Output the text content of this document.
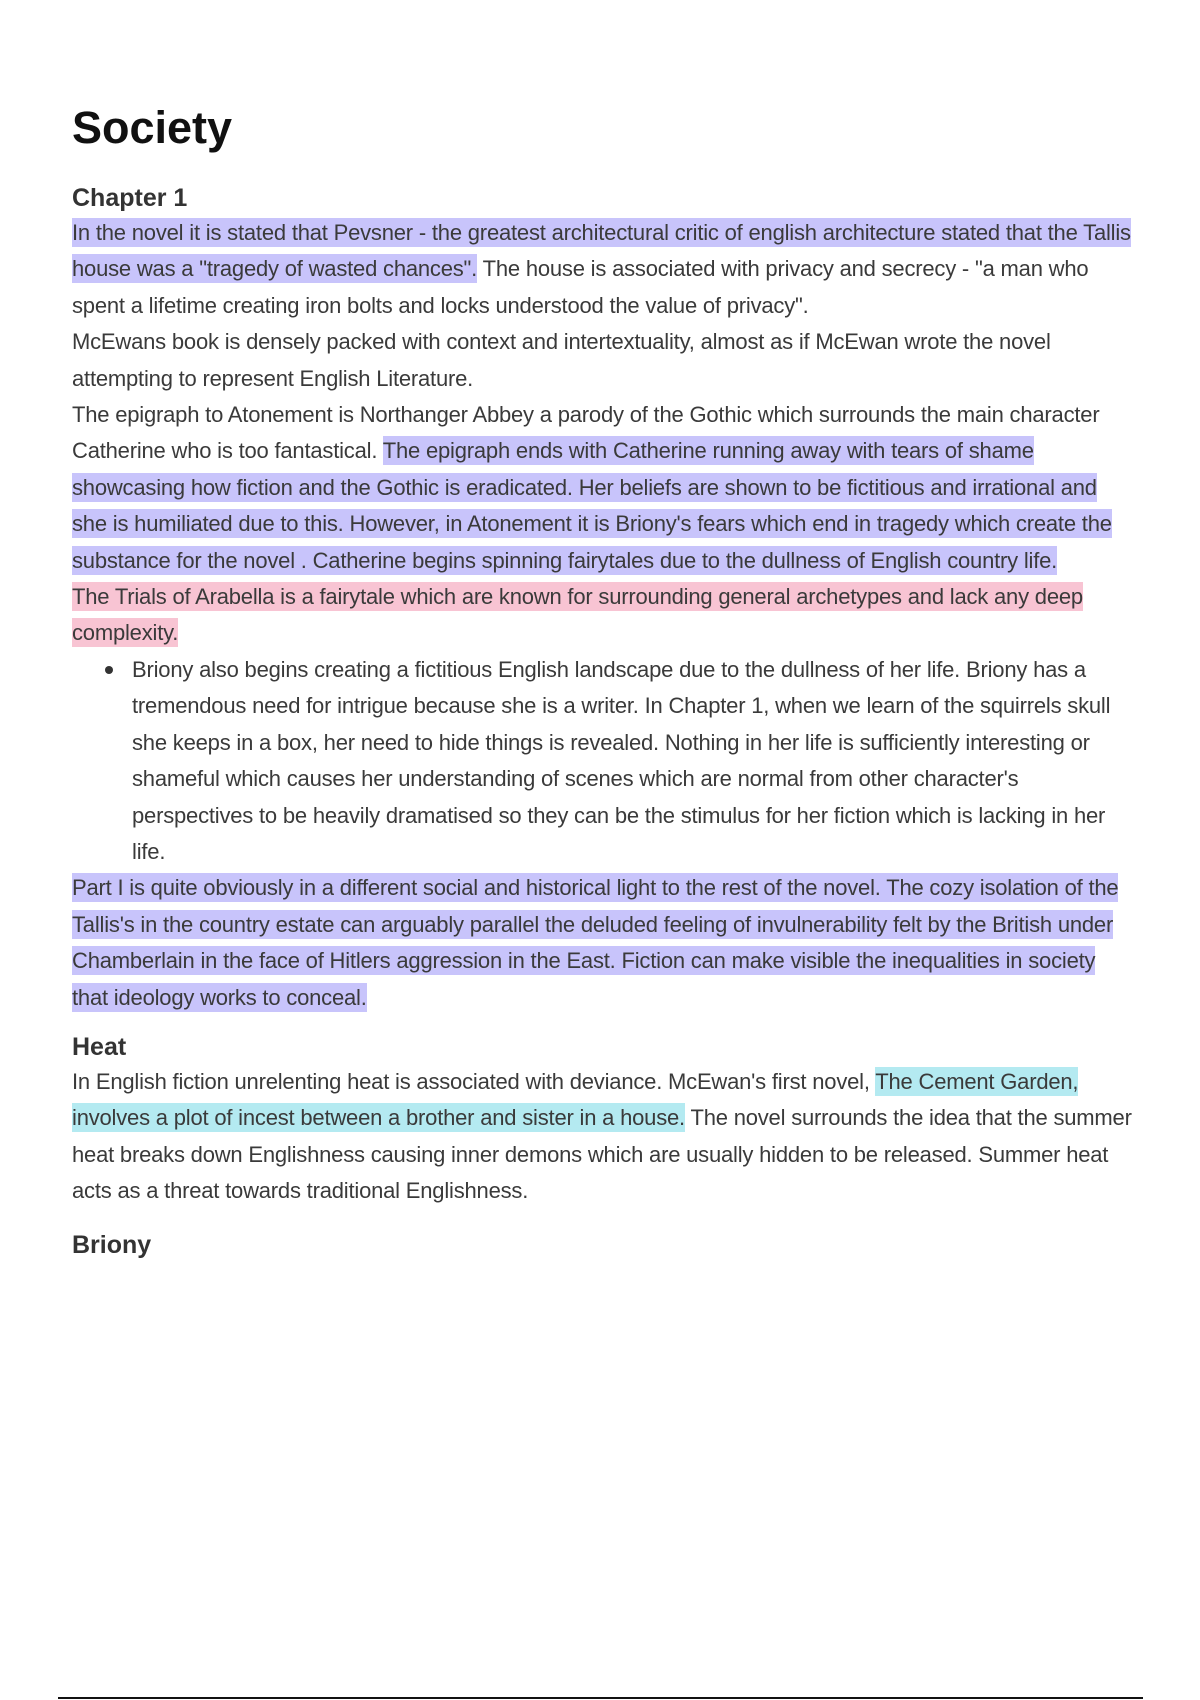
Society
Chapter 1

In the novel it is stated that Pevsner - the greatest architectural critic of english architecture stated that the Tallis house was a "tragedy of wasted chances". The house is associated with privacy and secrecy - "a man who spent a lifetime creating iron bolts and locks understood the value of privacy".

McEwans book is densely packed with context and intertextuality, almost as if McEwan wrote the novel attempting to represent English Literature.

The epigraph to Atonement is Northanger Abbey a parody of the Gothic which surrounds the main character Catherine who is too fantastical. The epigraph ends with Catherine running away with tears of shame showcasing how fiction and the Gothic is eradicated. Her beliefs are shown to be fictitious and irrational and she is humiliated due to this. However, in Atonement it is Briony's fears which end in tragedy which create the substance for the novel . Catherine begins spinning fairytales due to the dullness of English country life.

The Trials of Arabella is a fairytale which are known for surrounding general archetypes and lack any deep complexity.

Briony also begins creating a fictitious English landscape due to the dullness of her life. Briony has a tremendous need for intrigue because she is a writer. In Chapter 1, when we learn of the squirrels skull she keeps in a box, her need to hide things is revealed. Nothing in her life is sufficiently interesting or shameful which causes her understanding of scenes which are normal from other character's perspectives to be heavily dramatised so they can be the stimulus for her fiction which is lacking in her life.

Part I is quite obviously in a different social and historical light to the rest of the novel. The cozy isolation of the Tallis's in the country estate can arguably parallel the deluded feeling of invulnerability felt by the British under Chamberlain in the face of Hitlers aggression in the East. Fiction can make visible the inequalities in society that ideology works to conceal.

Heat

In English fiction unrelenting heat is associated with deviance. McEwan's first novel, The Cement Garden, involves a plot of incest between a brother and sister in a house. The novel surrounds the idea that the summer heat breaks down Englishness causing inner demons which are usually hidden to be released. Summer heat acts as a threat towards traditional Englishness.

Briony
